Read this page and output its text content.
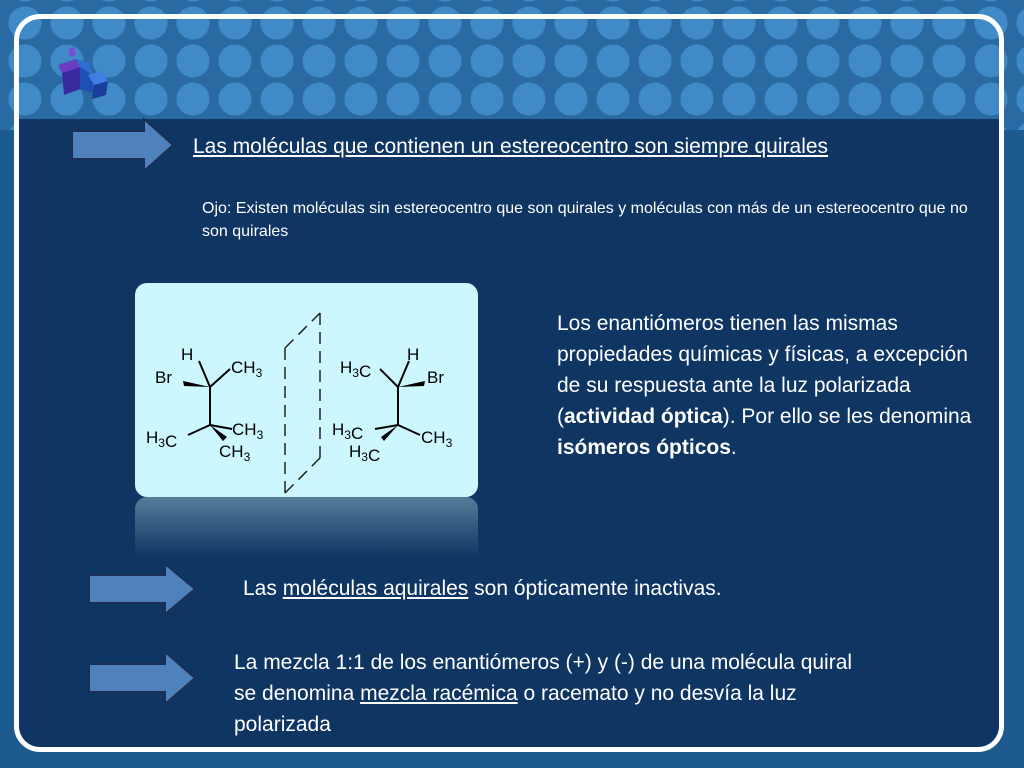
Las moléculas que contienen un estereocentro son siempre quirales
Ojo: Existen moléculas sin estereocentro que son quirales y moléculas con más de un estereocentro que no son quirales
H
Br
$CH_3$
$H_3C$
$CH_3$
$CH_3$
H
Br
$H_3C$
$H_3C$	$CH_3$
$H_3C$
Los enantiómeros tienen las mismas propiedades químicas y físicas, a excepción de su respuesta ante la luz polarizada (actividad óptica). Por ello se les denomina isómeros ópticos.
Las moléculas aquirales son ópticamente inactivas.
La mezcla 1:1 de los enantiómeros (+) y (-) de una molécula quiral se denomina mezcla racémica o racemato y no desvía la luz polarizada
